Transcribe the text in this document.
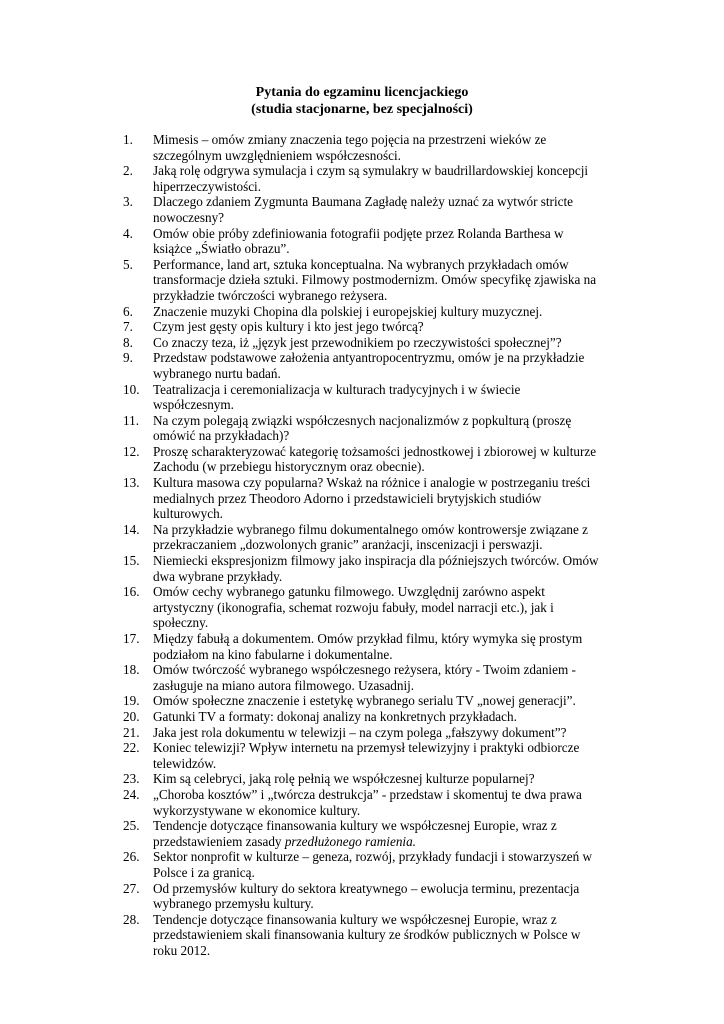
Pytania do egzaminu licencjackiego

(studia stacjonarne, bez specjalności)

1.	Mimesis – omów zmiany znaczenia tego pojęcia na przestrzeni wieków ze szczególnym uwzględnieniem współczesności.
2.	Jaką rolę odgrywa symulacja i czym są symulakry w baudrillardowskiej koncepcji hiperrzeczywistości.
3.	Dlaczego zdaniem Zygmunta Baumana Zagładę należy uznać za wytwór stricte nowoczesny?
4.	Omów obie próby zdefiniowania fotografii podjęte przez Rolanda Barthesa w książce „Światło obrazu”.
5.	Performance, land art, sztuka konceptualna. Na wybranych przykładach omów transformacje dzieła sztuki. Filmowy postmodernizm. Omów specyfikę zjawiska na przykładzie twórczości wybranego reżysera.
6.	Znaczenie muzyki Chopina dla polskiej i europejskiej kultury muzycznej.
7.	Czym jest gęsty opis kultury i kto jest jego twórcą?
8.	Co znaczy teza, iż „język jest przewodnikiem po rzeczywistości społecznej”?
9.	Przedstaw podstawowe założenia antyantropocentryzmu, omów je na przykładzie wybranego nurtu badań.
10.	Teatralizacja i ceremonializacja w kulturach tradycyjnych i w świecie współczesnym.
11.	Na czym polegają związki współczesnych nacjonalizmów z popkulturą (proszę omówić na przykładach)?
12.	Proszę scharakteryzować kategorię tożsamości jednostkowej i zbiorowej w kulturze Zachodu (w przebiegu historycznym oraz obecnie).
13.	Kultura masowa czy popularna? Wskaż na różnice i analogie w postrzeganiu treści medialnych przez Theodoro Adorno i przedstawicieli brytyjskich studiów kulturowych.
14.	Na przykładzie wybranego filmu dokumentalnego omów kontrowersje związane z przekraczaniem „dozwolonych granic” aranżacji, inscenizacji i perswazji.
15.	Niemiecki ekspresjonizm filmowy jako inspiracja dla późniejszych twórców. Omów dwa wybrane przykłady.
16.	Omów cechy wybranego gatunku filmowego. Uwzględnij zarówno aspekt artystyczny (ikonografia, schemat rozwoju fabuły, model narracji etc.), jak i społeczny.
17.	Między fabułą a dokumentem. Omów przykład filmu, który wymyka się prostym podziałom na kino fabularne i dokumentalne.
18.	Omów twórczość wybranego współczesnego reżysera, który - Twoim zdaniem - zasługuje na miano autora filmowego. Uzasadnij.
19.	Omów społeczne znaczenie i estetykę wybranego serialu TV „nowej generacji”.
20.	Gatunki TV a formaty: dokonaj analizy na konkretnych przykładach.
21.	Jaka jest rola dokumentu w telewizji – na czym polega „fałszywy dokument”?
22.	Koniec telewizji? Wpływ internetu na przemysł telewizyjny i praktyki odbiorcze telewidzów.
23.	Kim są celebryci, jaką rolę pełnią we współczesnej kulturze popularnej?
24.	„Choroba kosztów” i „twórcza destrukcja” - przedstaw i skomentuj te dwa prawa wykorzystywane w ekonomice kultury.
25.	Tendencje dotyczące finansowania kultury we współczesnej Europie, wraz z przedstawieniem zasady przedłużonego ramienia.
26.	Sektor nonprofit w kulturze – geneza, rozwój, przykłady fundacji i stowarzyszeń w Polsce i za granicą.
27.	Od przemysłów kultury do sektora kreatywnego – ewolucja terminu, prezentacja wybranego przemysłu kultury.
28.	Tendencje dotyczące finansowania kultury we współczesnej Europie, wraz z przedstawieniem skali finansowania kultury ze środków publicznych w Polsce w roku 2012.
